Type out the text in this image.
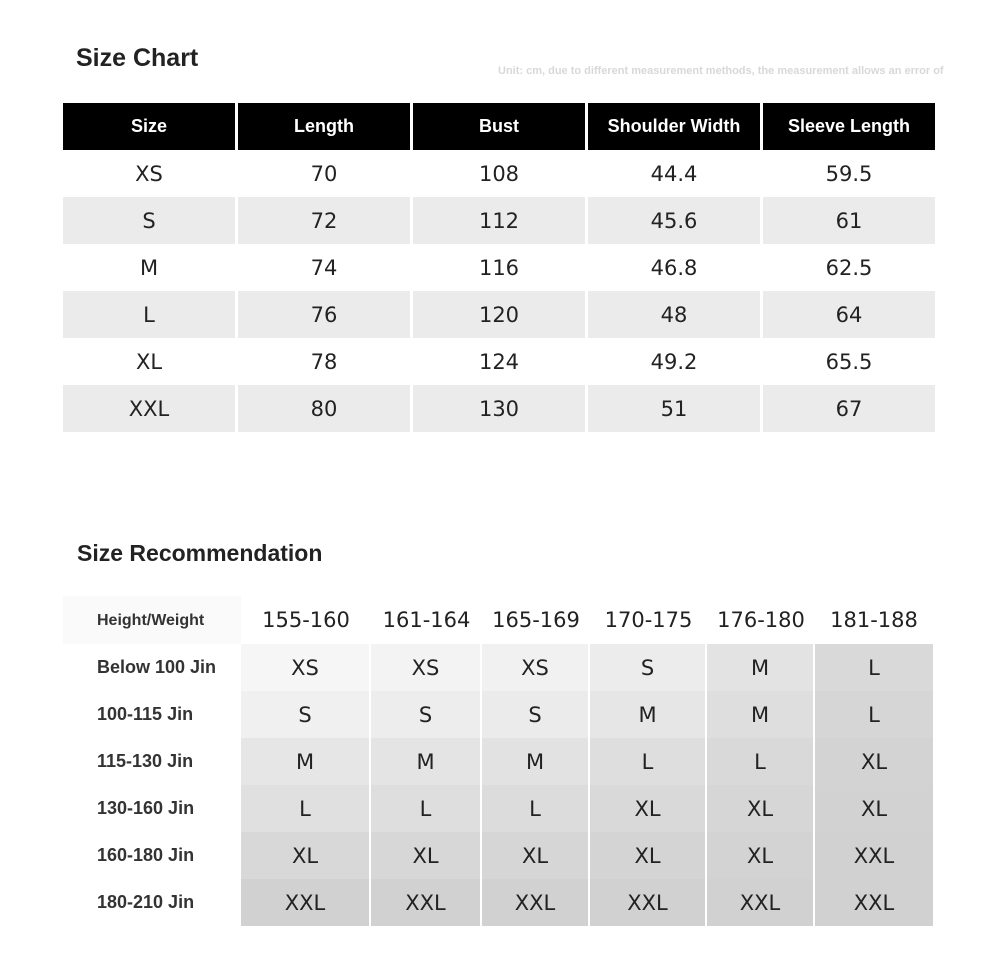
Size Chart	Unit: cm, due to different measurement methods, the measurement allows an error of
Size	Length	Bust	Shoulder Width	Sleeve Length
XS	70	108	44.4	59.5
S	72	112	45.6	61
M	74	116	46.8	62.5
L	76	120	48	64
XL	78	124	49.2	65.5
XXL	80	130	51	67
Size Recommendation
Height/Weight	155-160	161-164	165-169	170-175	176-180	181-188
Below 100 Jin	XS	XS	XS	S	M	L
100-115 Jin	S	S	S	M	M	L
115-130 Jin	M	M	M	L	L	XL
130-160 Jin	L	L	L	XL	XL	XL
160-180 Jin	XL	XL	XL	XL	XL	XXL
180-210 Jin	XXL	XXL	XXL	XXL	XXL	XXL
